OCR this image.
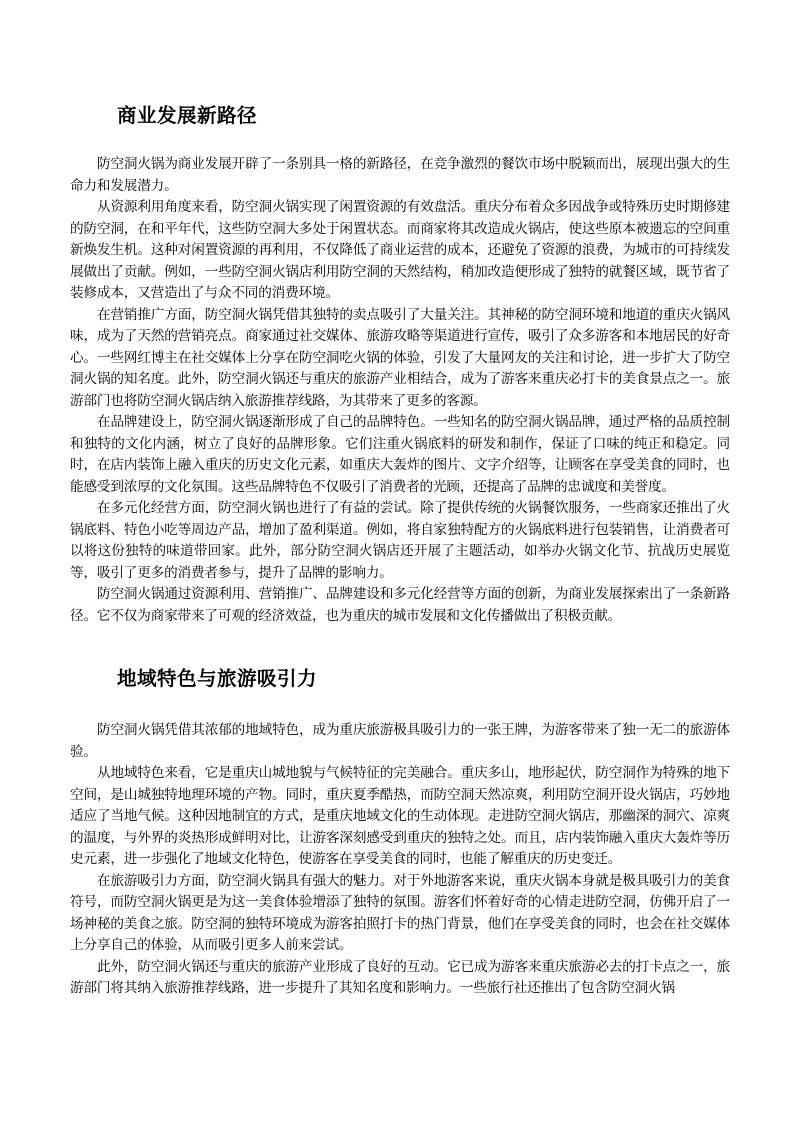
商业发展新路径

防空洞火锅为商业发展开辟了一条别具一格的新路径，在竞争激烈的餐饮市场中脱颖而出，展现出强大的生命力和发展潜力。

从资源利用角度来看，防空洞火锅实现了闲置资源的有效盘活。重庆分布着众多因战争或特殊历史时期修建的防空洞，在和平年代，这些防空洞大多处于闲置状态。而商家将其改造成火锅店，使这些原本被遗忘的空间重新焕发生机。这种对闲置资源的再利用，不仅降低了商业运营的成本，还避免了资源的浪费，为城市的可持续发展做出了贡献。例如，一些防空洞火锅店利用防空洞的天然结构，稍加改造便形成了独特的就餐区域，既节省了装修成本，又营造出了与众不同的消费环境。

在营销推广方面，防空洞火锅凭借其独特的卖点吸引了大量关注。其神秘的防空洞环境和地道的重庆火锅风味，成为了天然的营销亮点。商家通过社交媒体、旅游攻略等渠道进行宣传，吸引了众多游客和本地居民的好奇心。一些网红博主在社交媒体上分享在防空洞吃火锅的体验，引发了大量网友的关注和讨论，进一步扩大了防空洞火锅的知名度。此外，防空洞火锅还与重庆的旅游产业相结合，成为了游客来重庆必打卡的美食景点之一。旅游部门也将防空洞火锅店纳入旅游推荐线路，为其带来了更多的客源。

在品牌建设上，防空洞火锅逐渐形成了自己的品牌特色。一些知名的防空洞火锅品牌，通过严格的品质控制和独特的文化内涵，树立了良好的品牌形象。它们注重火锅底料的研发和制作，保证了口味的纯正和稳定。同时，在店内装饰上融入重庆的历史文化元素，如重庆大轰炸的图片、文字介绍等，让顾客在享受美食的同时，也能感受到浓厚的文化氛围。这些品牌特色不仅吸引了消费者的光顾，还提高了品牌的忠诚度和美誉度。

在多元化经营方面，防空洞火锅也进行了有益的尝试。除了提供传统的火锅餐饮服务，一些商家还推出了火锅底料、特色小吃等周边产品，增加了盈利渠道。例如，将自家独特配方的火锅底料进行包装销售，让消费者可以将这份独特的味道带回家。此外，部分防空洞火锅店还开展了主题活动，如举办火锅文化节、抗战历史展览等，吸引了更多的消费者参与，提升了品牌的影响力。

防空洞火锅通过资源利用、营销推广、品牌建设和多元化经营等方面的创新，为商业发展探索出了一条新路径。它不仅为商家带来了可观的经济效益，也为重庆的城市发展和文化传播做出了积极贡献。

地域特色与旅游吸引力

防空洞火锅凭借其浓郁的地域特色，成为重庆旅游极具吸引力的一张王牌，为游客带来了独一无二的旅游体验。

从地域特色来看，它是重庆山城地貌与气候特征的完美融合。重庆多山，地形起伏，防空洞作为特殊的地下空间，是山城独特地理环境的产物。同时，重庆夏季酷热，而防空洞天然凉爽，利用防空洞开设火锅店，巧妙地适应了当地气候。这种因地制宜的方式，是重庆地域文化的生动体现。走进防空洞火锅店，那幽深的洞穴、凉爽的温度，与外界的炎热形成鲜明对比，让游客深刻感受到重庆的独特之处。而且，店内装饰融入重庆大轰炸等历史元素，进一步强化了地域文化特色，使游客在享受美食的同时，也能了解重庆的历史变迁。

在旅游吸引力方面，防空洞火锅具有强大的魅力。对于外地游客来说，重庆火锅本身就是极具吸引力的美食符号，而防空洞火锅更是为这一美食体验增添了独特的氛围。游客们怀着好奇的心情走进防空洞，仿佛开启了一场神秘的美食之旅。防空洞的独特环境成为游客拍照打卡的热门背景，他们在享受美食的同时，也会在社交媒体上分享自己的体验，从而吸引更多人前来尝试。

此外，防空洞火锅还与重庆的旅游产业形成了良好的互动。它已成为游客来重庆旅游必去的打卡点之一，旅游部门将其纳入旅游推荐线路，进一步提升了其知名度和影响力。一些旅行社还推出了包含防空洞火锅
